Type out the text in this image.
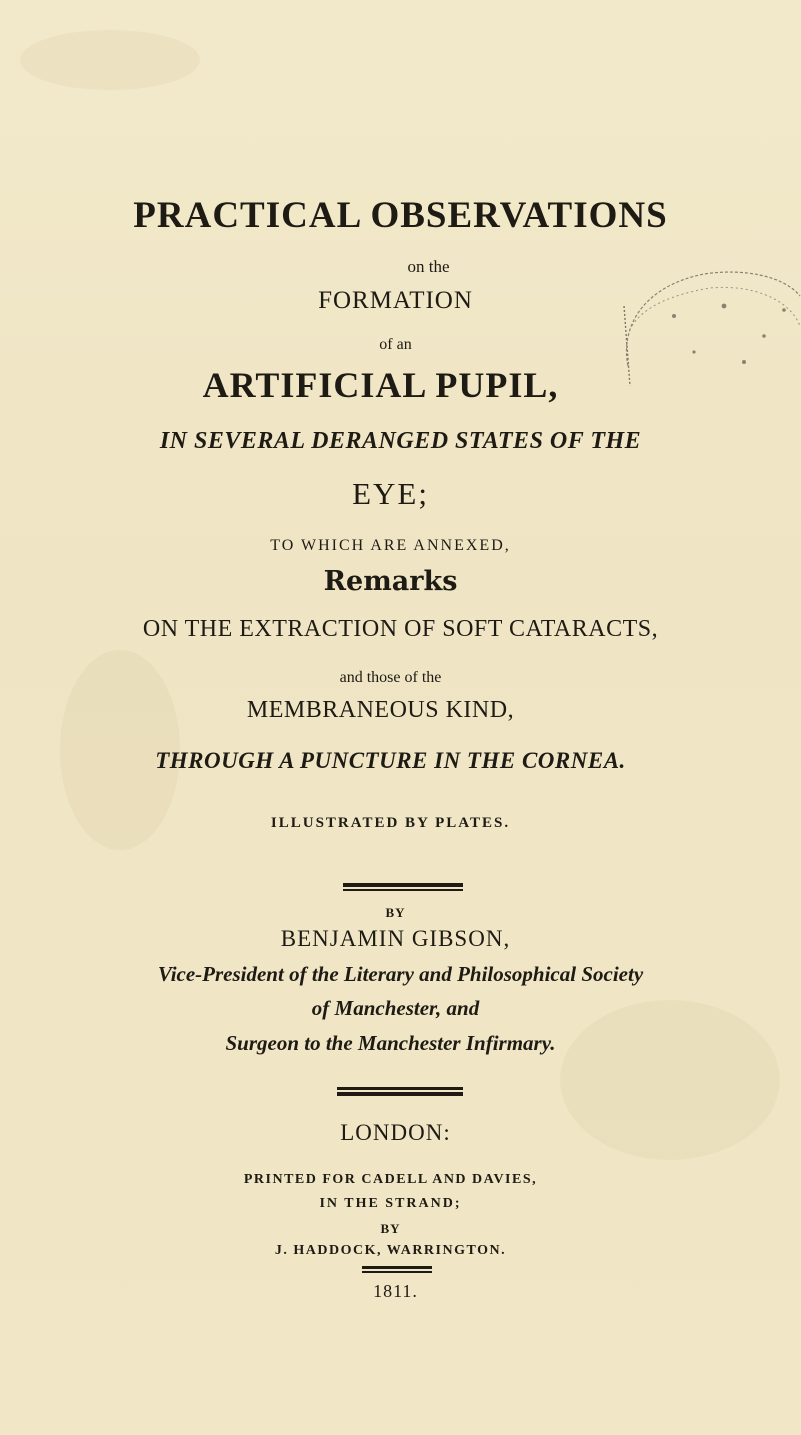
PRACTICAL OBSERVATIONS
on the
FORMATION
of an
ARTIFICIAL PUPIL,
IN SEVERAL DERANGED STATES OF THE
EYE;
TO WHICH ARE ANNEXED,
Remarks
ON THE EXTRACTION OF SOFT CATARACTS,
and those of the
MEMBRANEOUS KIND,
THROUGH A PUNCTURE IN THE CORNEA.
ILLUSTRATED BY PLATES.
BY
BENJAMIN GIBSON,
Vice-President of the Literary and Philosophical Society
of Manchester, and
Surgeon to the Manchester Infirmary.
LONDON:
PRINTED FOR CADELL AND DAVIES,
IN THE STRAND;
BY
J. HADDOCK, WARRINGTON.
1811.
